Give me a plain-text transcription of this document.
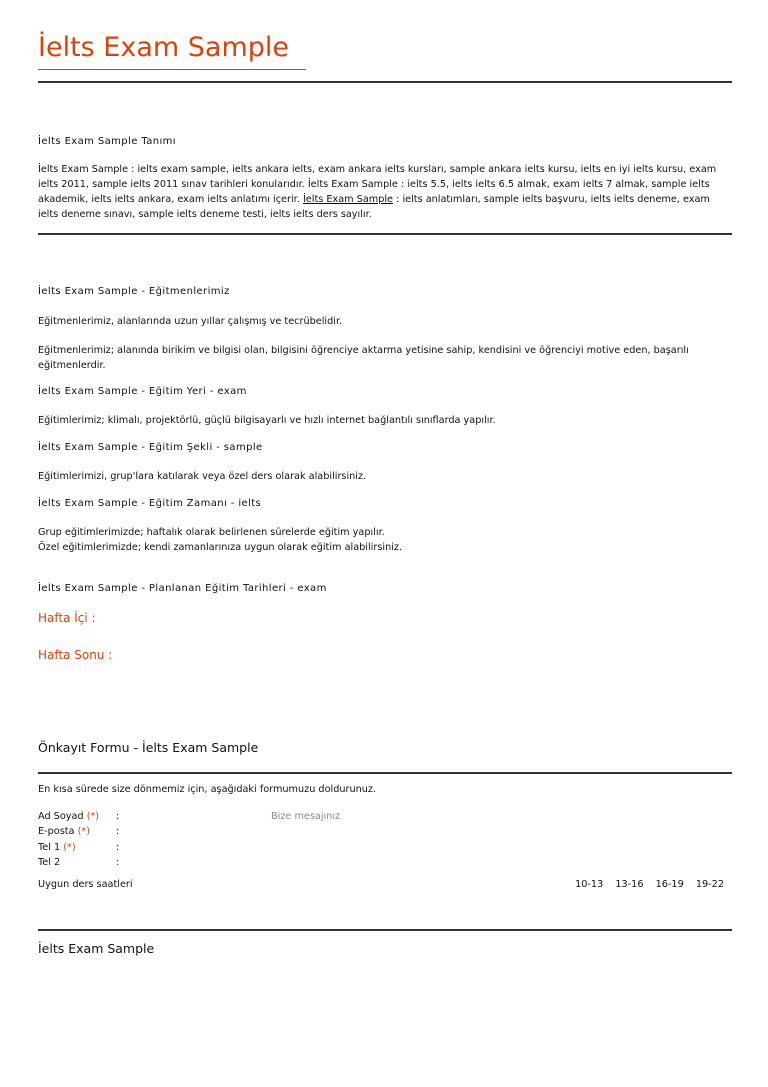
İelts Exam Sample
İelts Exam Sample Tanımı
İelts Exam Sample : ielts exam sample, ielts ankara ielts, exam ankara ielts kursları, sample ankara ielts kursu, ielts en iyi ielts kursu, exam ielts 2011, sample ielts 2011 sınav tarihleri konularıdır. İelts Exam Sample : ielts 5.5, ielts ielts 6.5 almak, exam ielts 7 almak, sample ielts akademik, ielts ielts ankara, exam ielts anlatımı içerir. İelts Exam Sample : ielts anlatımları, sample ielts başvuru, ielts ielts deneme, exam ielts deneme sınavı, sample ielts deneme testi, ielts ielts ders sayılır.
İelts Exam Sample - Eğitmenlerimiz
Eğitmenlerimiz, alanlarında uzun yıllar çalışmış ve tecrübelidir.
Eğitmenlerimiz; alanında birikim ve bilgisi olan, bilgisini öğrenciye aktarma yetisine sahip, kendisini ve öğrenciyi motive eden, başarılı eğitmenlerdir.
İelts Exam Sample - Eğitim Yeri - exam
Eğitimlerimiz; klimalı, projektörlü, güçlü bilgisayarlı ve hızlı internet bağlantılı sınıflarda yapılır.
İelts Exam Sample - Eğitim Şekli - sample
Eğitimlerimizi, grup'lara katılarak veya özel ders olarak alabilirsiniz.
İelts Exam Sample - Eğitim Zamanı - ielts
Grup eğitimlerimizde; haftalık olarak belirlenen sürelerde eğitim yapılır.
Özel eğitimlerimizde; kendi zamanlarınıza uygun olarak eğitim alabilirsiniz.
İelts Exam Sample - Planlanan Eğitim Tarihleri - exam
Hafta İçi :
Hafta Sonu :
Önkayıt Formu - İelts Exam Sample
En kısa sürede size dönmemiz için, aşağıdaki formumuzu doldurunuz.
Ad Soyad (*) :
E-posta (*)	:
Tel 1 (*)	:
Tel 2	:
Bize mesajınız
Uygun ders saatleri	10-13 13-16 16-19 19-22
İelts Exam Sample
